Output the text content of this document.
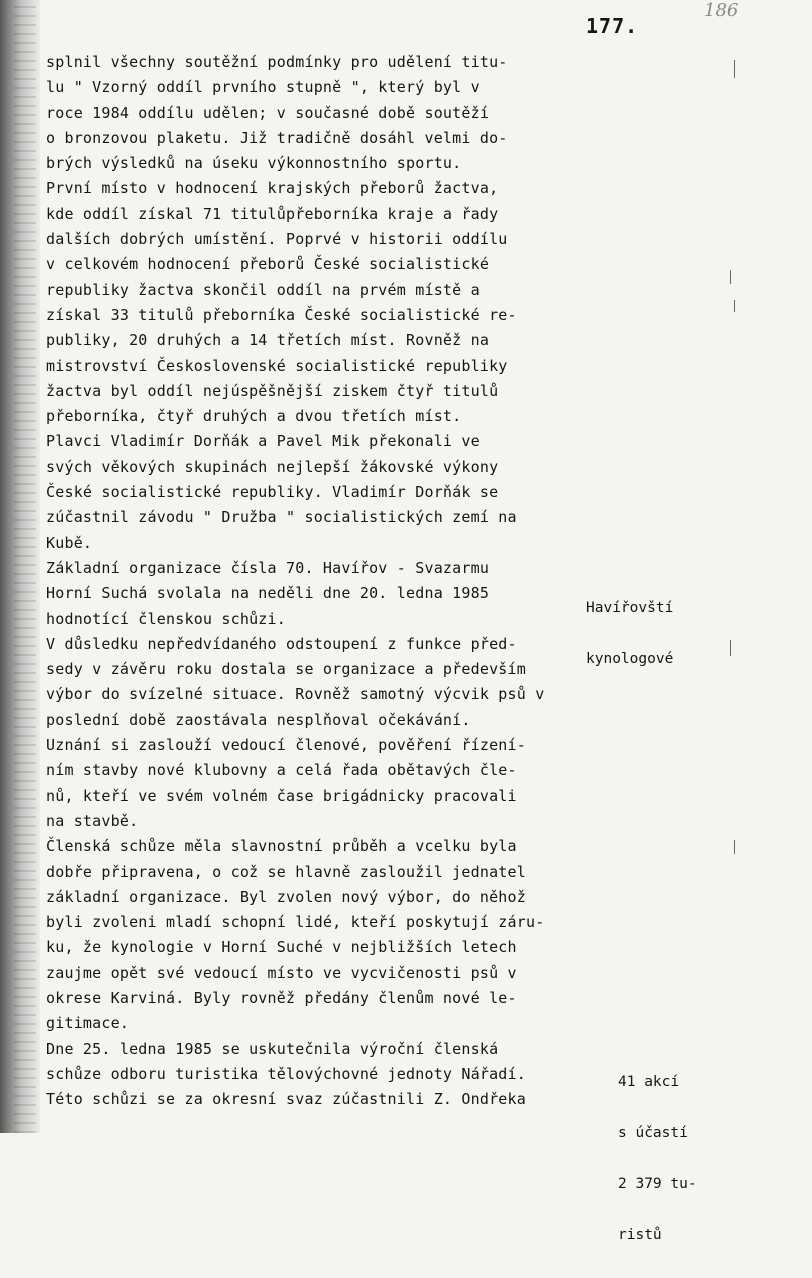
177.
186
splnil všechny soutěžní podmínky pro udělení titu-
lu " Vzorný oddíl prvního stupně ", který byl v
roce 1984 oddílu udělen; v současné době soutěží
o bronzovou plaketu. Již tradičně dosáhl velmi do-
brých výsledků na úseku výkonnostního sportu.
První místo v hodnocení krajských přeborů žactva,
kde oddíl získal 71 titulůpřeborníka kraje a řady
dalších dobrých umístění. Poprvé v historii oddílu
v celkovém hodnocení přeborů České socialistické
republiky žactva skončil oddíl na prvém místě a
získal 33 titulů přeborníka České socialistické re-
publiky, 20 druhých a 14 třetích míst. Rovněž na
mistrovství Československé socialistické republiky
žactva byl oddíl nejúspěšnější ziskem čtyř titulů
přeborníka, čtyř druhých a dvou třetích míst.
Plavci Vladimír Dorňák a Pavel Mik překonali ve
svých věkových skupinách nejlepší žákovské výkony
České socialistické republiky. Vladimír Dorňák se
zúčastnil závodu " Družba " socialistických zemí na
Kubě.
Základní organizace čísla 70. Havířov - Svazarmu
Horní Suchá svolala na neděli dne 20. ledna 1985
hodnotící členskou schůzi.
V důsledku nepředvídaného odstoupení z funkce před-
sedy v závěru roku dostala se organizace a především
výbor do svízelné situace. Rovněž samotný výcvik psů v
poslední době zaostávala nesplňoval očekávání.
Uznání si zaslouží vedoucí členové, pověření řízení-
ním stavby nové klubovny a celá řada obětavých čle-
nů, kteří ve svém volném čase brigádnicky pracovali
na stavbě.
Členská schůze měla slavnostní průběh a vcelku byla
dobře připravena, o což se hlavně zasloužil jednatel
základní organizace. Byl zvolen nový výbor, do něhož
byli zvoleni mladí schopní lidé, kteří poskytují záru-
ku, že kynologie v Horní Suché v nejbližších letech
zaujme opět své vedoucí místo ve vycvičenosti psů v
okrese Karviná. Byly rovněž předány členům nové le-
gitimace.
Dne 25. ledna 1985 se uskutečnila výroční členská
schůze odboru turistika tělovýchovné jednoty Nářadí.
Této schůzi se za okresní svaz zúčastnili Z. Ondřeka

Havířovští

kynologové

41 akcí

s účastí

2 379 tu-

ristů
